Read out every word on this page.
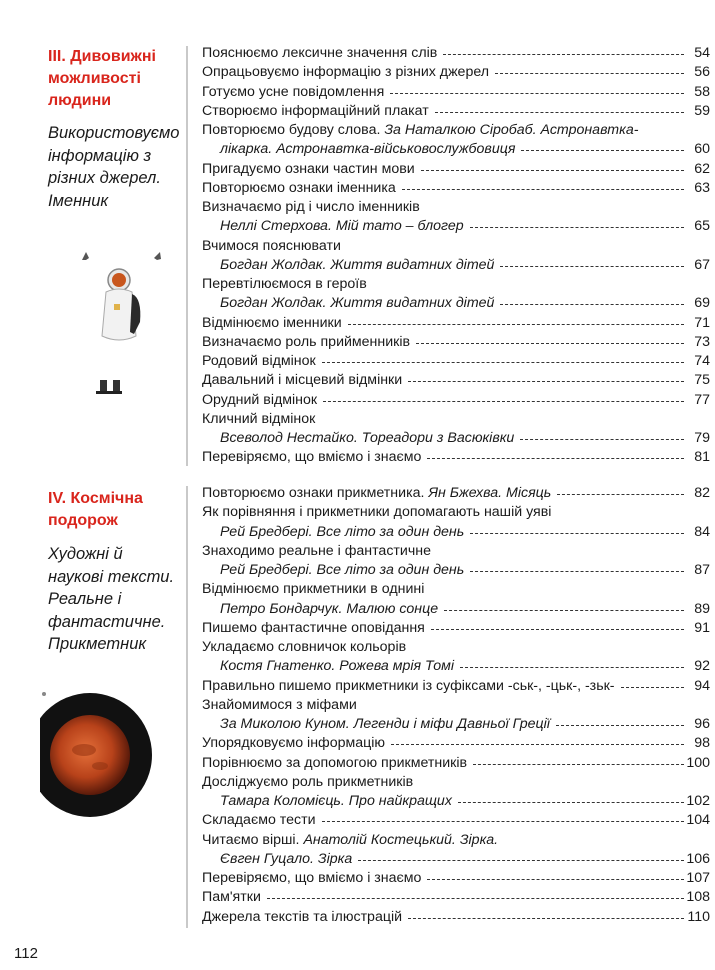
III. Дивовижні можливості людини
Використовуємо інформацію з різних джерел. Іменник
Пояснюємо лексичне значення слів	54
Опрацьовуємо інформацію з різних джерел	56
Готуємо усне повідомлення	58
Створюємо інформаційний плакат	59
Повторюємо будову слова. За Наталкою Сіробаб. Астронавтка-
лікарка. Астронавтка-військовослужбовиця	60
Пригадуємо ознаки частин мови	62
Повторюємо ознаки іменника	63
Визначаємо рід і число іменників
Неллі Стерхова. Мій тато – блогер	65
Вчимося пояснювати
Богдан Жолдак. Життя видатних дітей	67
Перевтілюємося в героїв
Богдан Жолдак. Життя видатних дітей	69
Відмінюємо іменники	71
Визначаємо роль прийменників	73
Родовий відмінок	74
Давальний і місцевий відмінки	75
Орудний відмінок	77
Кличний відмінок
Всеволод Нестайко. Тореадори з Васюківки	79
Перевіряємо, що вміємо і знаємо	81
IV. Космічна подорож
Художні й наукові тексти. Реальне і фантастичне. Прикметник
Повторюємо ознаки прикметника. Ян Бжехва. Місяць	82
Як порівняння і прикметники допомагають нашій уяві
Рей Бредбері. Все літо за один день	84
Знаходимо реальне і фантастичне
Рей Бредбері. Все літо за один день	87
Відмінюємо прикметники в однині
Петро Бондарчук. Малюю сонце	89
Пишемо фантастичне оповідання	91
Укладаємо словничок кольорів
Костя Гнатенко. Рожева мрія Томі	92
Правильно пишемо прикметники із суфіксами -ськ-, -цьк-, -зьк-	94
Знайомимося з міфами
За Миколою Куном. Легенди і міфи Давньої Греції	96
Упорядковуємо інформацію	98
Порівнюємо за допомогою прикметників	100
Досліджуємо роль прикметників
Тамара Коломієць. Про найкращих	102
Складаємо тести	104
Читаємо вірші. Анатолій Костецький. Зірка.
Євген Гуцало. Зірка	106
Перевіряємо, що вміємо і знаємо	107
Пам'ятки	108
Джерела текстів та ілюстрацій	110
112
